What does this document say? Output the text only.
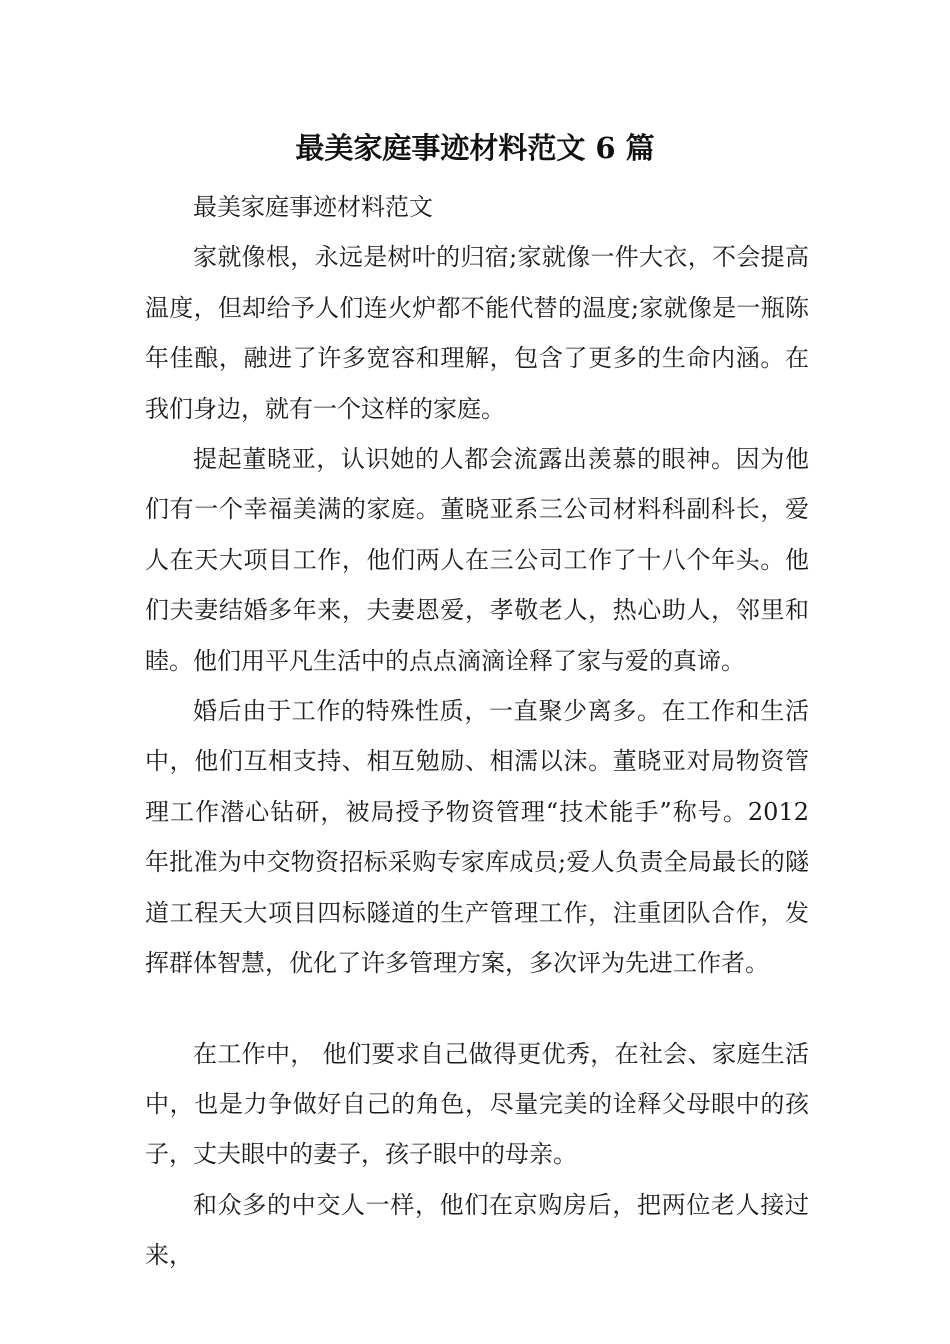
最美家庭事迹材料范文 6 篇

最美家庭事迹材料范文

家就像根，永远是树叶的归宿;家就像一件大衣，不会提高温度，但却给予人们连火炉都不能代替的温度;家就像是一瓶陈年佳酿，融进了许多宽容和理解，包含了更多的生命内涵。在我们身边，就有一个这样的家庭。

提起董晓亚，认识她的人都会流露出羡慕的眼神。因为他们有一个幸福美满的家庭。董晓亚系三公司材料科副科长，爱人在天大项目工作，他们两人在三公司工作了十八个年头。他们夫妻结婚多年来，夫妻恩爱，孝敬老人，热心助人，邻里和睦。他们用平凡生活中的点点滴滴诠释了家与爱的真谛。

婚后由于工作的特殊性质，一直聚少离多。在工作和生活中，他们互相支持、相互勉励、相濡以沫。董晓亚对局物资管理工作潜心钻研，被局授予物资管理“技术能手”称号。2012 年批准为中交物资招标采购专家库成员;爱人负责全局最长的隧道工程天大项目四标隧道的生产管理工作，注重团队合作，发挥群体智慧，优化了许多管理方案，多次评为先进工作者。

在工作中， 他们要求自己做得更优秀，在社会、家庭生活中，也是力争做好自己的角色，尽量完美的诠释父母眼中的孩子，丈夫眼中的妻子，孩子眼中的母亲。

和众多的中交人一样，他们在京购房后，把两位老人接过来，
